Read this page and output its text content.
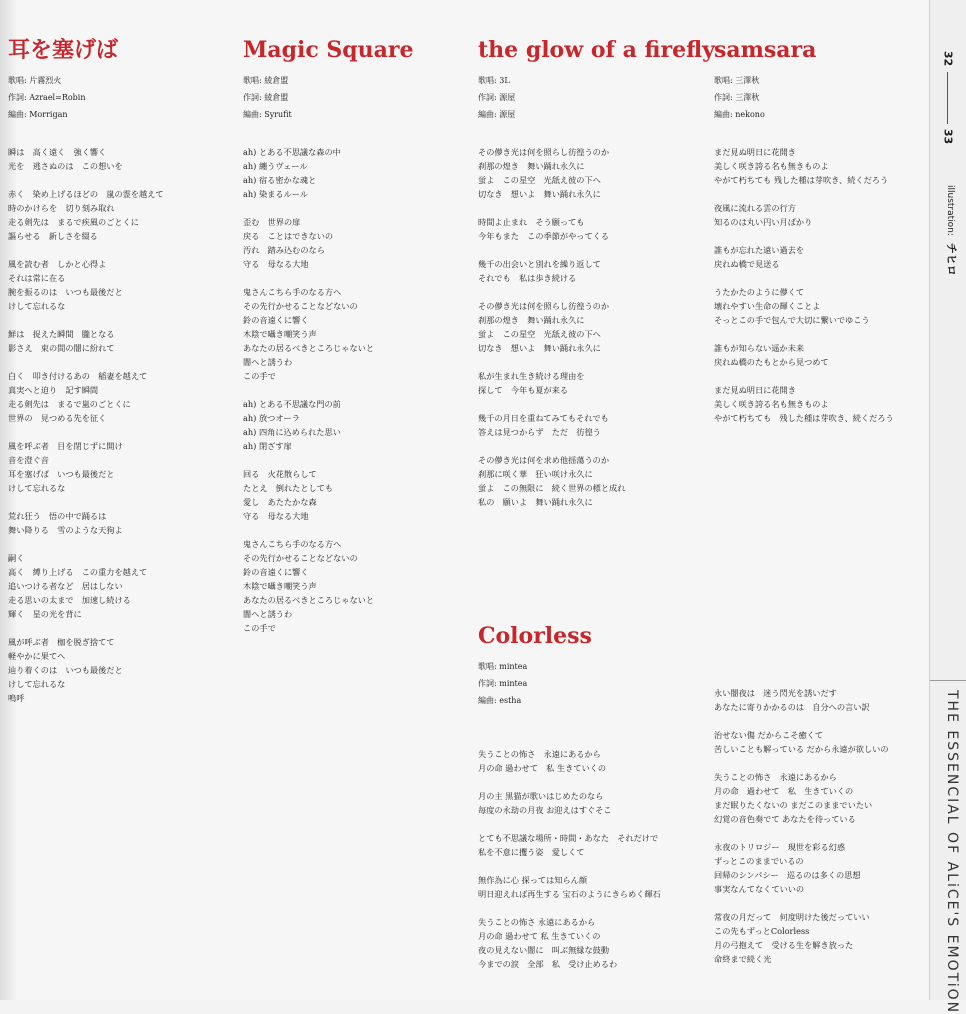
耳を塞げば
歌唱: 片霧烈火
作詞: Azrael=Robin
編曲: Morrigan
瞬は　高く遠く　強く響く
光を　逃さぬのは　この想いを
赤く　染め上げるほどの　嵐の霊を越えて
時のかけらを　切り刻み取れ
走る剣先は　まるで疾風のごとくに
謳らせる　新しさを綴る
風を読む者　しかと心得よ
それは常に在る
腕を振るのは　いつも最後だと
けして忘れるな
鮮は　捉えた瞬間　朧となる
影さえ　束の間の闇に紛れて
白く　叩き付けるあの　稲妻を越えて
真実へと迫り　記す瞬間
走る剣先は　まるで嵐のごとくに
世界の　見つめる先を征く
風を呼ぶ者　目を閉じずに開け
音を澄ぐ音
耳を塞げば　いつも最後だと
けして忘れるな
荒れ狂う　悟の中で踊るは
舞い降りる　雪のような天狗よ
嗣く
高く　縛り上げる　この重力を越えて
追いつける者など　居はしない
走る思いの太まで　加速し続ける
輝く　星の光を背に
風が呼ぶ者　枷を脱ぎ捨てて
軽やかに果てへ
辿り着くのは　いつも最後だと
けして忘れるな
嗚呼
Magic Square
歌唱: 綾倉盟
作詞: 綾倉盟
編曲: Syrufit
ah) とある不思議な森の中
ah) 纏うヴェール
ah) 宿る密かな魂と
ah) 染まるルール
歪む　世界の扉
戻る　ことはできないの
汚れ　踏み込むのなら
守る　母なる大地
鬼さんこちら手のなる方へ
その先行かせることなどないの
鈴の音遠くに響く
木陰で囁き嘲笑う声
あなたの居るべきところじゃないと
闇へと誘うわ
この手で
ah) とある不思議な門の前
ah) 放つオーラ
ah) 四角に込められた思い
ah) 閉ざす扉
回る　火花散らして
たとえ　倒れたとしても
愛し　あたたかな森
守る　母なる大地
鬼さんこちら手のなる方へ
その先行かせることなどないの
鈴の音遠くに響く
木陰で囁き嘲笑う声
あなたの居るべきところじゃないと
闇へと誘うわ
この手で
the glow of a firefly
歌唱: 3L
作詞: 源屋
編曲: 源屋
その儚き光は何を照らし彷徨うのか
刹那の煌き　舞い踊れ永久に
蛍よ　この星空　光舐え彼の下へ
切なき　想いよ　舞い踊れ永久に
時間よ止まれ　そう願っても
今年もまた　この季節がやってくる
幾千の出会いと別れを繰り返して
それでも　私は歩き続ける
その儚き光は何を照らし彷徨うのか
刹那の煌き　舞い踊れ永久に
蛍よ　この星空　光舐え彼の下へ
切なき　想いよ　舞い踊れ永久に
私が生まれ生き続ける理由を
探して　今年も夏が来る
幾千の月日を重ねてみてもそれでも
答えは見つからず　ただ　彷徨う
その儚き光は何を求め他揺蕩うのか
刹那に咲く華　狂い咲け永久に
蛍よ　この無限に　続く世界の標と成れ
私の　願いよ　舞い踊れ永久に
samsara
歌唱: 三澤秋
作詞: 三澤秋
編曲: nekono
まだ見ぬ明日に花開き
美しく咲き誇る名も無きものよ
やがて朽ちても 残した種は芽吹き、続くだろう
夜風に流れる雲の行方
知るのは丸い円い月ばかり
誰もが忘れた遠い過去を
戻れぬ橋で見送る
うたかたのように儚くて
壊れやすい生命の輝くことよ
そっとこの手で包んで大切に繋いでゆこう
誰もが知らない遥か未来
戻れぬ橋のたもとから見つめて
まだ見ぬ明日に花開き
美しく咲き誇る名も無きものよ
やがて朽ちても　残した種は芽吹き、続くだろう
Colorless
歌唱: mintea
作詞: mintea
編曲: estha
失うことの怖さ　永遠にあるから
月の命 過わせて　私 生きていくの
月の主 黒猫が歌いはじめたのなら
毎度の永劫の月夜 お迎えはすぐそこ
とても不思議な場所・時間・あなた　それだけで
私を不意に攫う姿　愛しくて
無作為に心 探っては知らん顔
明日迎えれば再生する 宝石のようにきらめく輝石
失うことの怖さ 永遠にあるから
月の命 過わせて 私 生きていくの
夜の見えない闇に　叫ぶ無縁な鼓動
今までの涙　全部　私　受け止めるわ
永い闇夜は　迷う閃光を誘いだす
あなたに寄りかかるのは　自分への言い訳
治せない傷 だからこそ癒くて
苦しいことも解っている だから永遠が欲しいの
失うことの怖さ　永遠にあるから
月の命　過わせて　私　生きていくの
まだ眠りたくないの まだこのままでいたい
幻覚の音色奏でて あなたを待っている
永夜のトリロジー　現世を彩る幻惑
ずっとこのままでいるの
回帰のシンパシー　巡るのは多くの思想
事実なんてなくていいの
常夜の月だって　何度明けた後だっていい
この先もずっとColorless
月の弓抱えて　受ける生を解き放った
命終まで続く光
32
33
illustration: チヒロ
THE ESSENCIAL OF ALiCE'S EMOTiON
